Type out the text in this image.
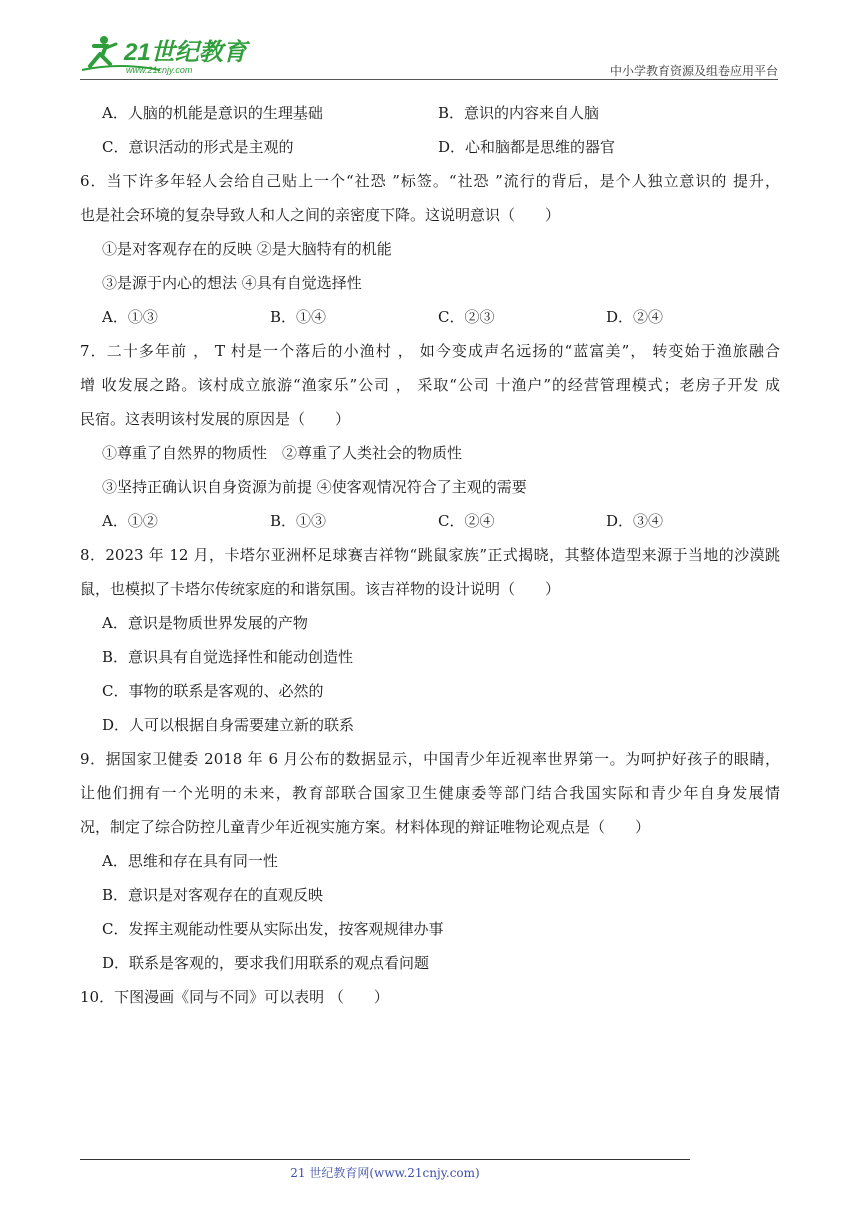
21世纪教育
www.21cnjy.com	中小学教育资源及组卷应用平台
A．人脑的机能是意识的生理基础	B．意识的内容来自人脑
C．意识活动的形式是主观的	D．心和脑都是思维的器官
6．当下许多年轻人会给自己贴上一个“社恐 ”标签。“社恐 ”流行的背后，是个人独立意识的 提升，
也是社会环境的复杂导致人和人之间的亲密度下降。这说明意识（　　）
①是对客观存在的反映 ②是大脑特有的机能
③是源于内心的想法 ④具有自觉选择性
A．①③	B．①④	C．②③	D．②④
7．二十多年前 ， T 村是一个落后的小渔村 ， 如今变成声名远扬的“蓝富美”， 转变始于渔旅融合
增 收发展之路。该村成立旅游“渔家乐”公司 ， 采取“公司 十渔户”的经营管理模式；老房子开发 成
民宿。这表明该村发展的原因是（　　）
①尊重了自然界的物质性　②尊重了人类社会的物质性
③坚持正确认识自身资源为前提 ④使客观情况符合了主观的需要
A．①②	B．①③	C．②④	D．③④
8．2023 年 12 月，卡塔尔亚洲杯足球赛吉祥物“跳鼠家族”正式揭晓，其整体造型来源于当地的沙漠跳
鼠，也模拟了卡塔尔传统家庭的和谐氛围。该吉祥物的设计说明（　　）
A．意识是物质世界发展的产物
B．意识具有自觉选择性和能动创造性
C．事物的联系是客观的、必然的
D．人可以根据自身需要建立新的联系
9．据国家卫健委 2018 年 6 月公布的数据显示，中国青少年近视率世界第一。为呵护好孩子的眼睛，
让他们拥有一个光明的未来，教育部联合国家卫生健康委等部门结合我国实际和青少年自身发展情
况，制定了综合防控儿童青少年近视实施方案。材料体现的辩证唯物论观点是（　　）
A．思维和存在具有同一性
B．意识是对客观存在的直观反映
C．发挥主观能动性要从实际出发，按客观规律办事
D．联系是客观的，要求我们用联系的观点看问题
10．下图漫画《同与不同》可以表明 （　　）
21 世纪教育网(www.21cnjy.com)
